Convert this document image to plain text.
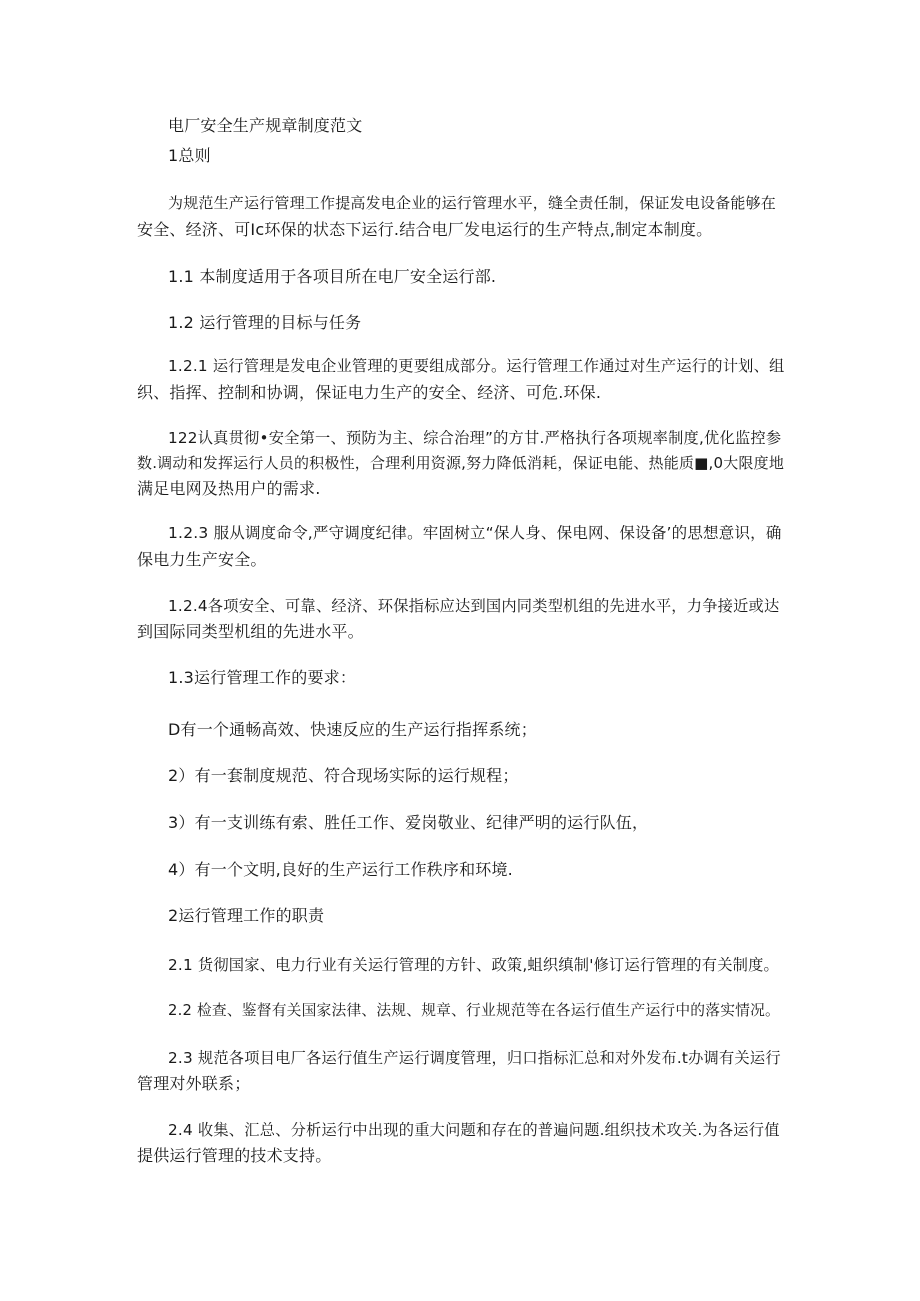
电厂安全生产规章制度范文

1总则

为规范生产运行管理工作提高发电企业的运行管理水平，缝全责任制，保证发电设备能够在

安全、经济、可Ic环保的状态下运行.结合电厂发电运行的生产特点,制定本制度。

1.1 本制度适用于各项目所在电厂安全运行部.

1.2 运行管理的目标与任务

1.2.1 运行管理是发电企业管理的更要组成部分。运行管理工作通过对生产运行的计划、组

织、指挥、控制和协调，保证电力生产的安全、经济、可危.环保.

122认真贯彻•安全第一、预防为主、综合治理”的方甘.严格执行各项规率制度,优化监控参

数.调动和发挥运行人员的积极性，合理利用资源,努力降低消耗，保证电能、热能质■,0大限度地

满足电网及热用户的需求.

1.2.3 服从调度命令,严守调度纪律。牢固树立“保人身、保电网、保设备’的思想意识，确

保电力生产安全。

1.2.4各项安全、可靠、经济、环保指标应达到国内同类型机组的先进水平，力争接近或达

到国际同类型机组的先进水平。

1.3运行管理工作的要求：

D有一个通畅高效、快速反应的生产运行指挥系统；

2）有一套制度规范、符合现场实际的运行规程；

3）有一支训练有索、胜任工作、爱岗敬业、纪律严明的运行队伍，

4）有一个文明,良好的生产运行工作秩序和环境.

2运行管理工作的职责

2.1 货彻国家、电力行业有关运行管理的方针、政策,蛆织缜制'修订运行管理的有关制度。

2.2 检查、鉴督有关国家法律、法规、规章、行业规范等在各运行值生产运行中的落实情况。

2.3 规范各项目电厂各运行值生产运行调度管理，归口指标汇总和对外发布.t办调有关运行

管理对外联系；

2.4 收集、汇总、分析运行中出现的重大问题和存在的普遍问题.组织技术攻关.为各运行值

提供运行管理的技术支持。
